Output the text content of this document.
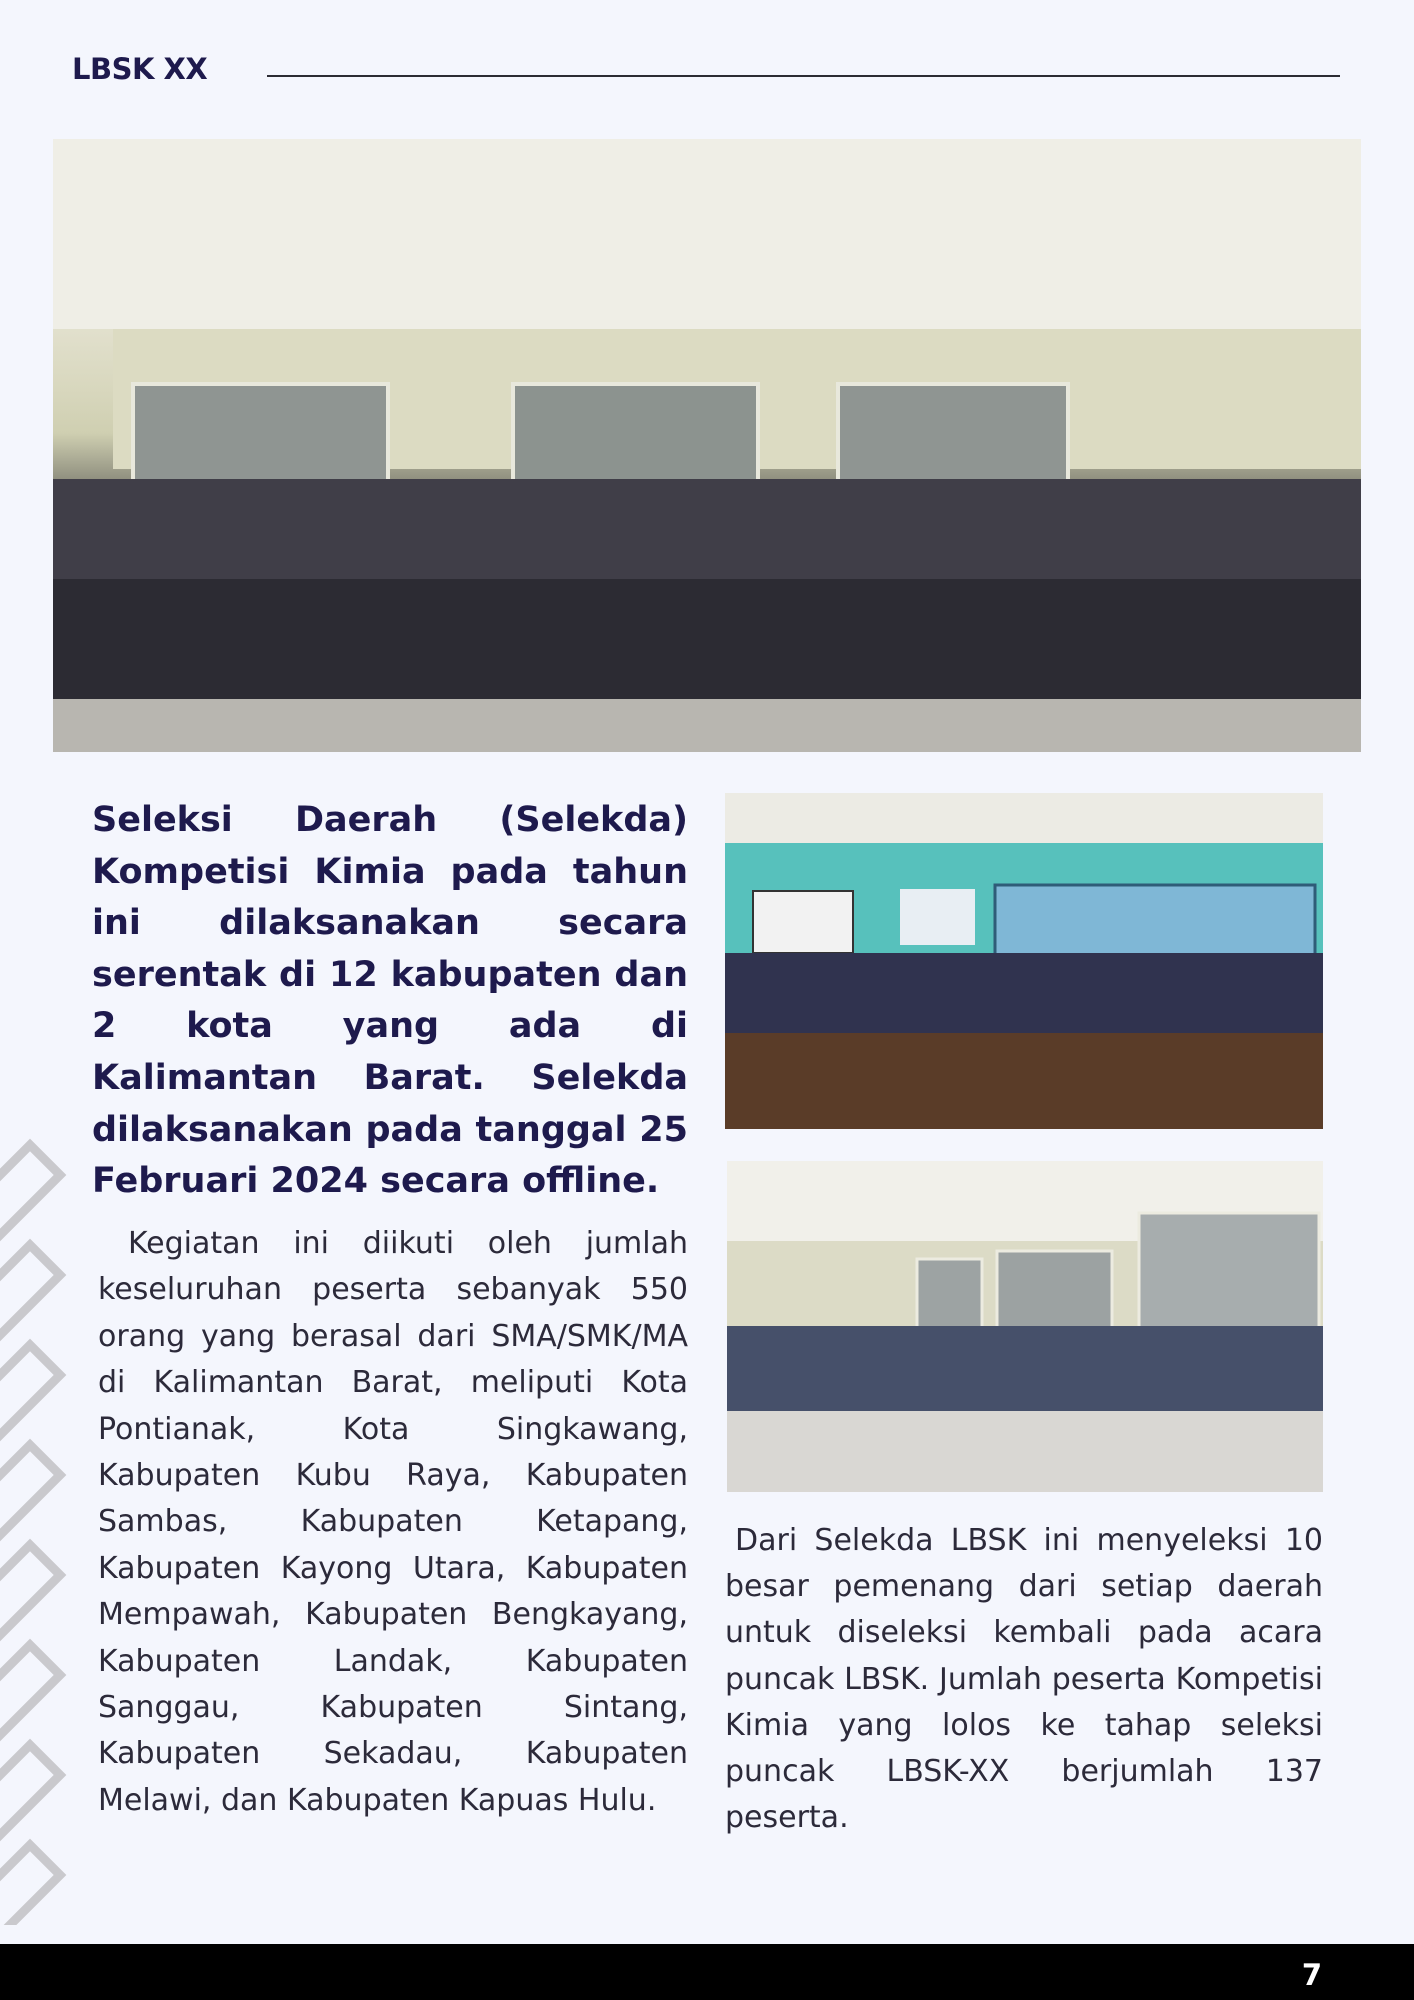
LBSK XX
Seleksi Daerah (Selekda) Kompetisi Kimia pada tahun ini dilaksanakan secara serentak di 12 kabupaten dan 2 kota yang ada di Kalimantan Barat. Selekda dilaksanakan pada tanggal 25 Februari 2024 secara offline.
Kegiatan ini diikuti oleh jumlah keseluruhan peserta sebanyak 550 orang yang berasal dari SMA/SMK/MA di Kalimantan Barat, meliputi Kota Pontianak, Kota Singkawang, Kabupaten Kubu Raya, Kabupaten Sambas, Kabupaten Ketapang, Kabupaten Kayong Utara, Kabupaten Mempawah, Kabupaten Bengkayang, Kabupaten Landak, Kabupaten Sanggau, Kabupaten Sintang, Kabupaten Sekadau, Kabupaten Melawi, dan Kabupaten Kapuas Hulu.
Dari Selekda LBSK ini menyeleksi 10 besar pemenang dari setiap daerah untuk diseleksi kembali pada acara puncak LBSK. Jumlah peserta Kompetisi Kimia yang lolos ke tahap seleksi puncak LBSK-XX berjumlah 137 peserta.
7
